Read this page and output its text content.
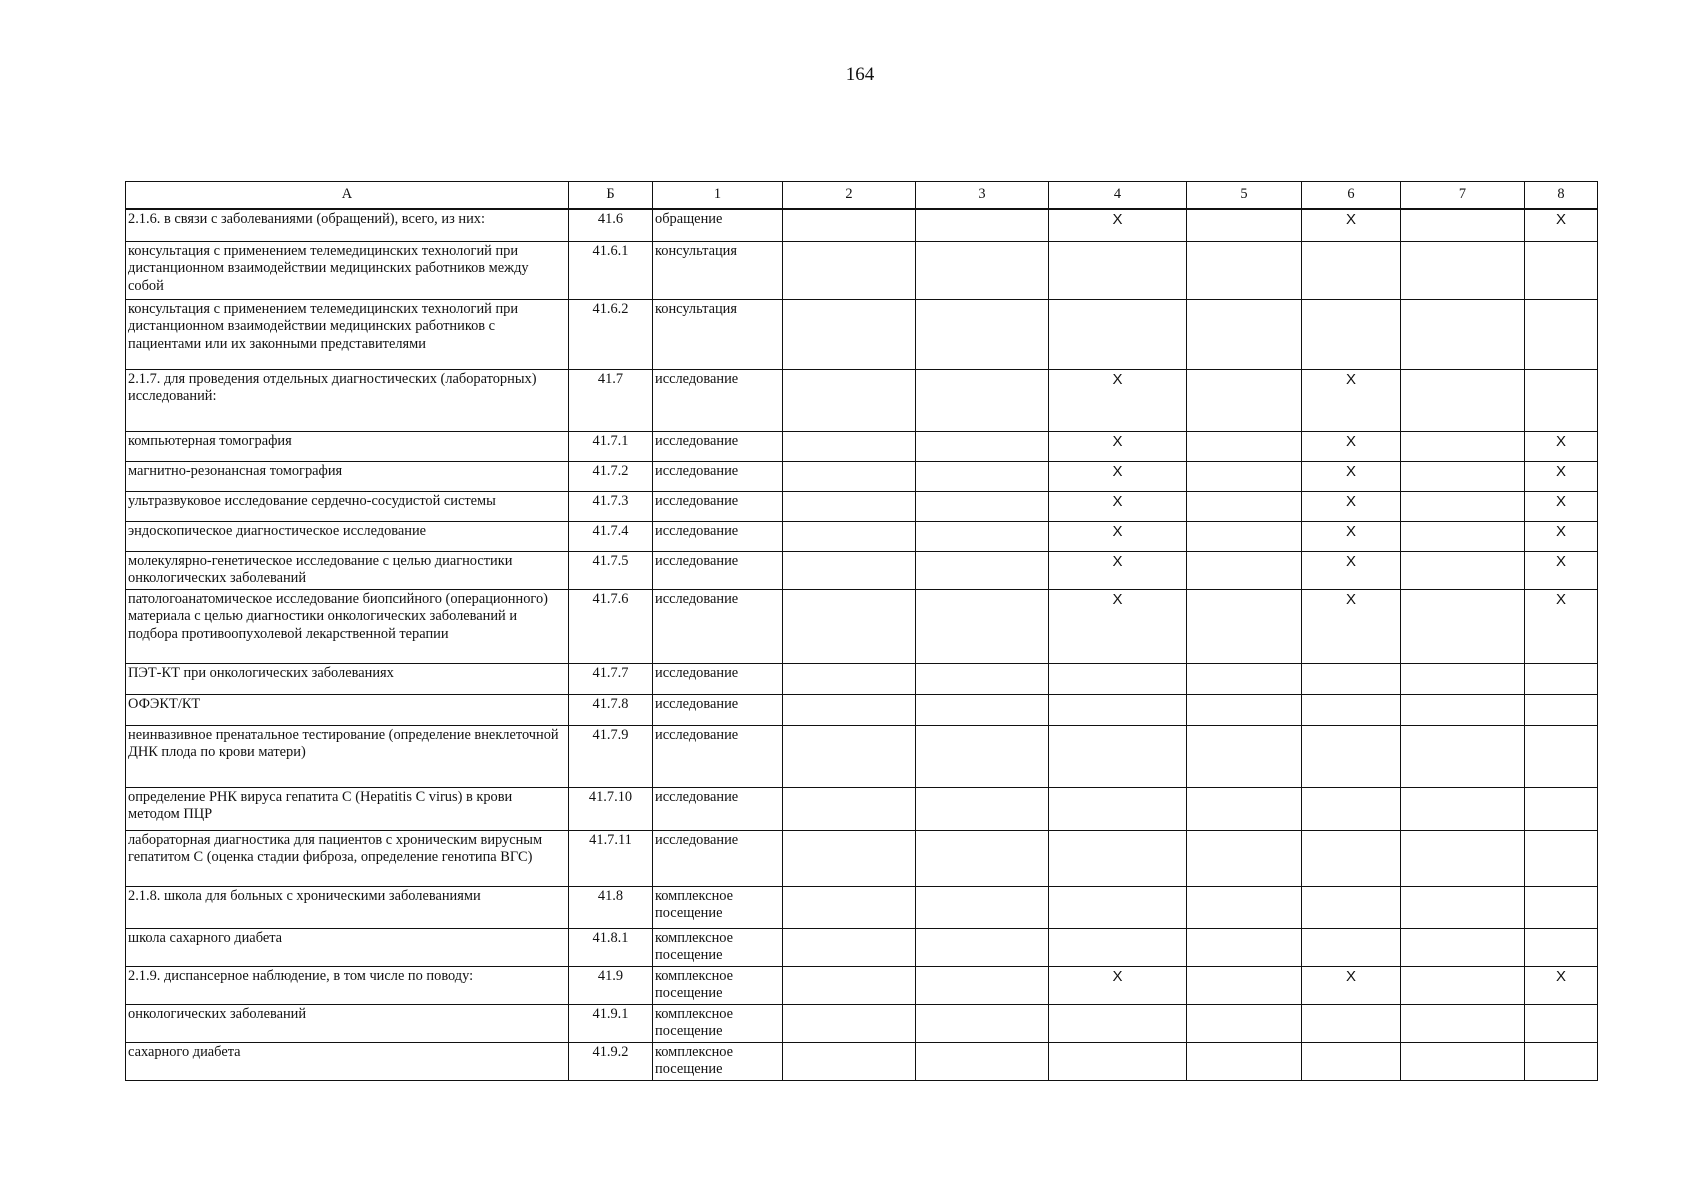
164
А	Б	1	2	3	4	5	6	7	8
2.1.6. в связи с заболеваниями (обращений), всего, из них:	41.6	обращение			X		X		X
консультация с применением телемедицинских технологий при дистанционном взаимодействии медицинских работников между собой	41.6.1	консультация							
консультация с применением телемедицинских технологий при дистанционном взаимодействии медицинских работников с пациентами или их законными представителями	41.6.2	консультация							
2.1.7. для проведения отдельных диагностических (лабораторных) исследований:	41.7	исследование			X		X		
компьютерная томография	41.7.1	исследование			X		X		X
магнитно-резонансная томография	41.7.2	исследование			X		X		X
ультразвуковое исследование сердечно-сосудистой системы	41.7.3	исследование			X		X		X
эндоскопическое диагностическое исследование	41.7.4	исследование			X		X		X
молекулярно-генетическое исследование с целью диагностики онкологических заболеваний	41.7.5	исследование			X		X		X
патологоанатомическое исследование биопсийного (операционного) материала с целью диагностики онкологических заболеваний и подбора противоопухолевой лекарственной терапии	41.7.6	исследование			X		X		X
ПЭТ-КТ при онкологических заболеваниях	41.7.7	исследование							
ОФЭКТ/КТ	41.7.8	исследование							
неинвазивное пренатальное тестирование (определение внеклеточной ДНК плода по крови матери)	41.7.9	исследование							
определение РНК вируса гепатита С (Hepatitis C virus) в крови методом ПЦР	41.7.10	исследование							
лабораторная диагностика для пациентов с хроническим вирусным гепатитом С (оценка стадии фиброза, определение генотипа ВГС)	41.7.11	исследование							
2.1.8. школа для больных с хроническими заболеваниями	41.8	комплексное посещение							
школа сахарного диабета	41.8.1	комплексное посещение							
2.1.9. диспансерное наблюдение, в том числе по поводу:	41.9	комплексное посещение			X		X		X
онкологических заболеваний	41.9.1	комплексное посещение							
сахарного диабета	41.9.2	комплексное посещение							
